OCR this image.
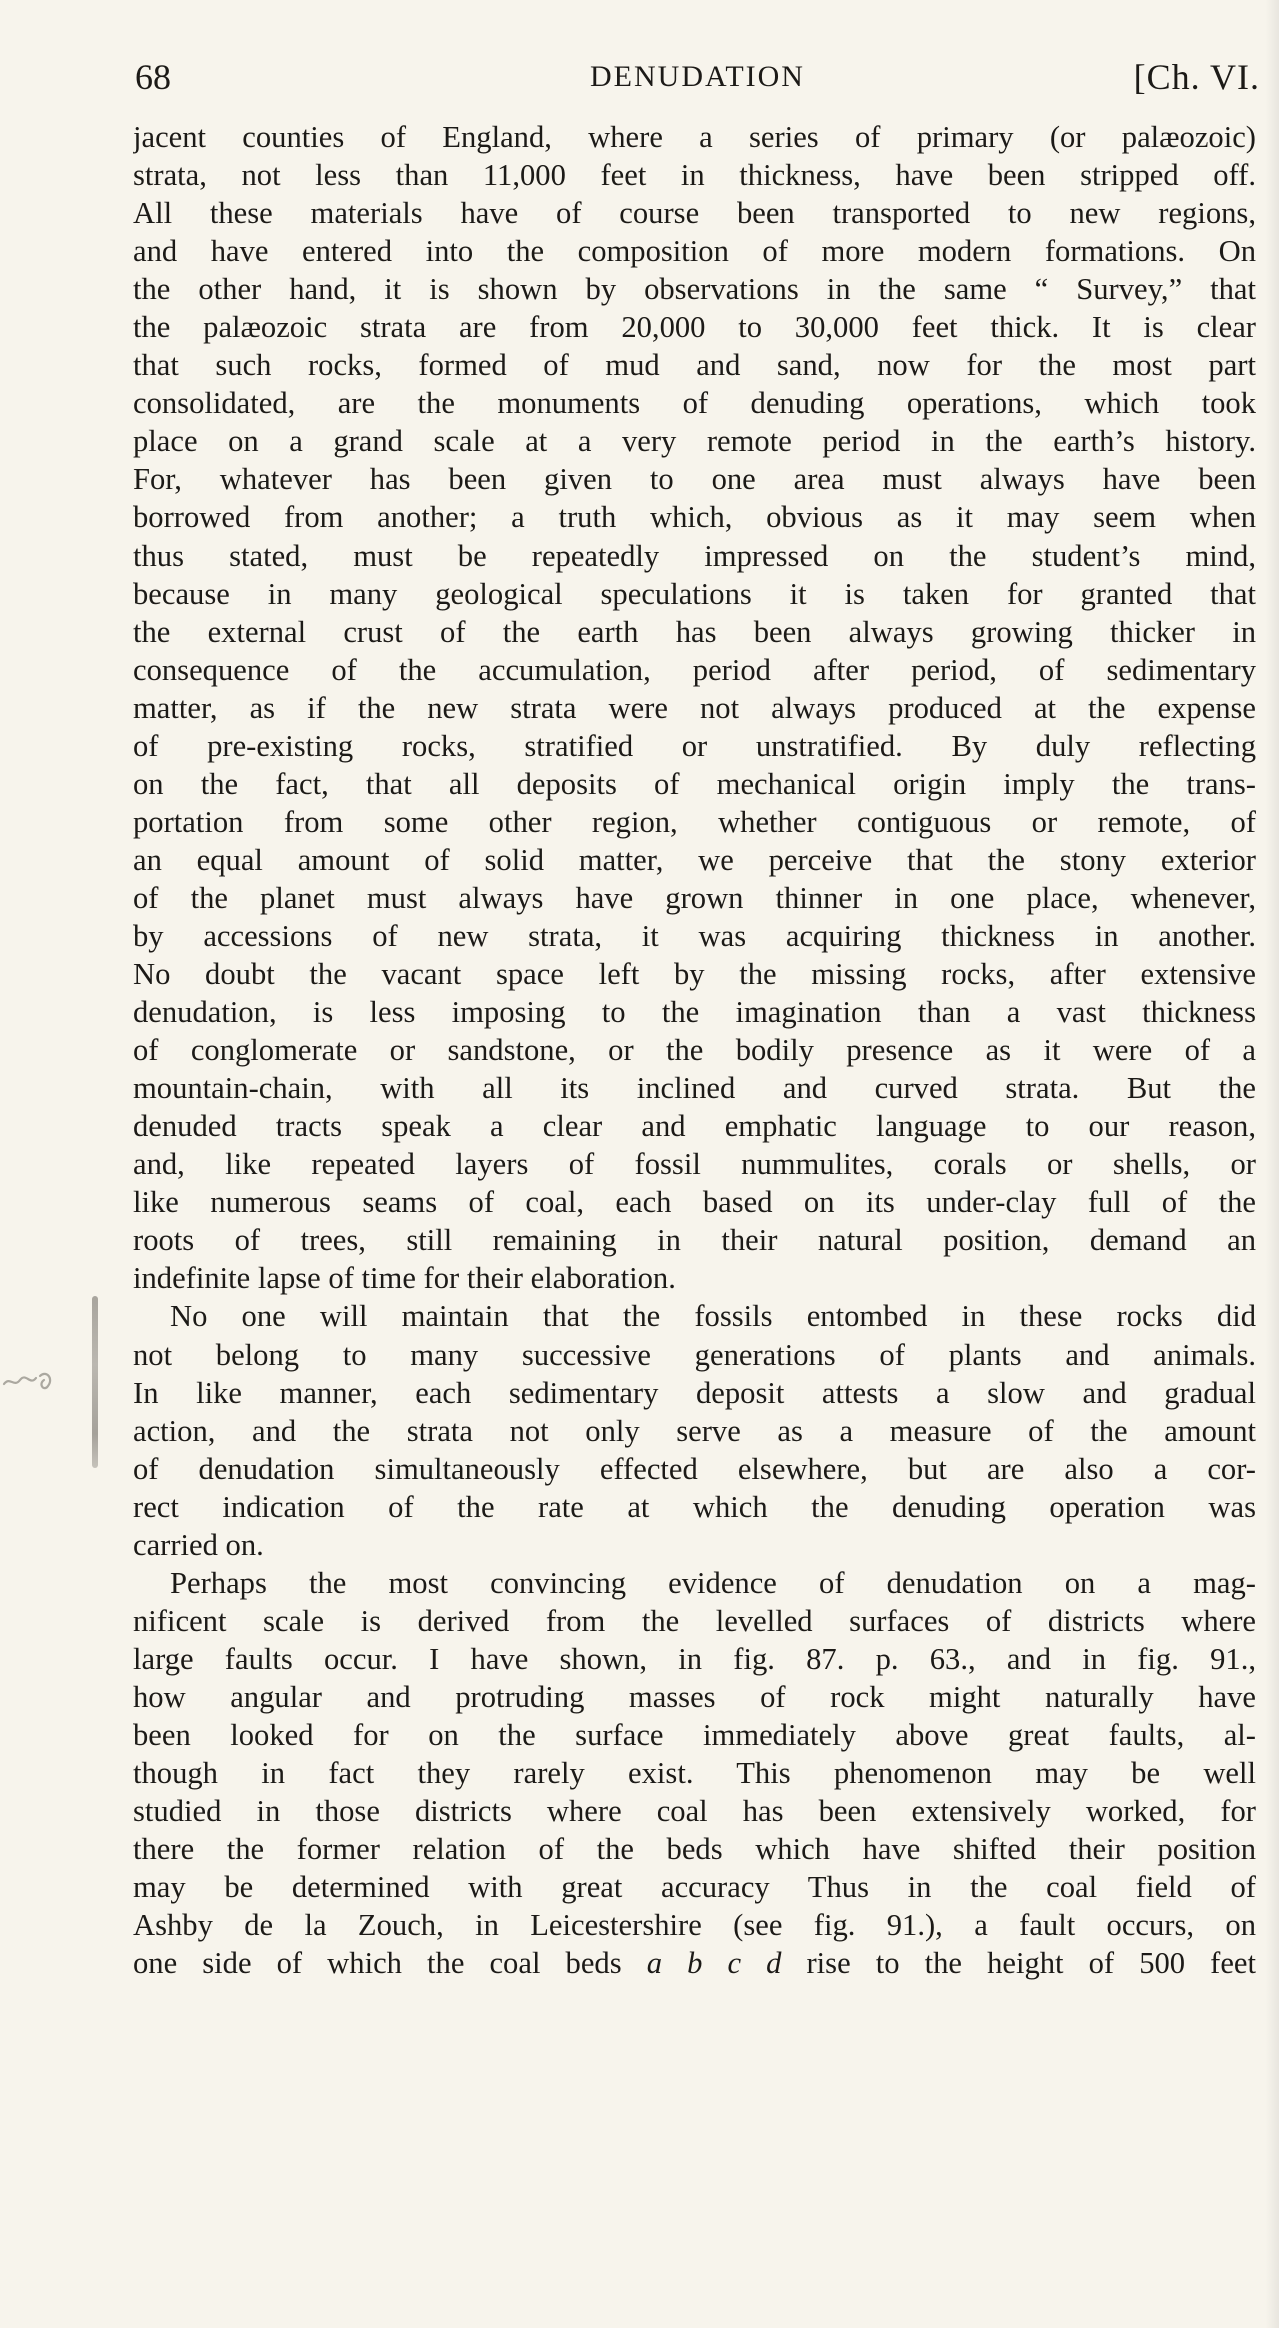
68	DENUDATION	[Ch. VI.
jacent counties of England, where a series of primary (or palæozoic)
strata, not less than 11,000 feet in thickness, have been stripped off.
All these materials have of course been transported to new regions,
and have entered into the composition of more modern formations. On
the other hand, it is shown by observations in the same “ Survey,” that
the palæozoic strata are from 20,000 to 30,000 feet thick. It is clear
that such rocks, formed of mud and sand, now for the most part
consolidated, are the monuments of denuding operations, which took
place on a grand scale at a very remote period in the earth’s history.
For, whatever has been given to one area must always have been
borrowed from another; a truth which, obvious as it may seem when
thus stated, must be repeatedly impressed on the student’s mind,
because in many geological speculations it is taken for granted that
the external crust of the earth has been always growing thicker in
consequence of the accumulation, period after period, of sedimentary
matter, as if the new strata were not always produced at the expense
of pre-existing rocks, stratified or unstratified. By duly reflecting
on the fact, that all deposits of mechanical origin imply the trans-
portation from some other region, whether contiguous or remote, of
an equal amount of solid matter, we perceive that the stony exterior
of the planet must always have grown thinner in one place, whenever,
by accessions of new strata, it was acquiring thickness in another.
No doubt the vacant space left by the missing rocks, after extensive
denudation, is less imposing to the imagination than a vast thickness
of conglomerate or sandstone, or the bodily presence as it were of a
mountain-chain, with all its inclined and curved strata. But the
denuded tracts speak a clear and emphatic language to our reason,
and, like repeated layers of fossil nummulites, corals or shells, or
like numerous seams of coal, each based on its under-clay full of the
roots of trees, still remaining in their natural position, demand an
indefinite lapse of time for their elaboration.
No one will maintain that the fossils entombed in these rocks did
not belong to many successive generations of plants and animals.
In like manner, each sedimentary deposit attests a slow and gradual
action, and the strata not only serve as a measure of the amount
of denudation simultaneously effected elsewhere, but are also a cor-
rect indication of the rate at which the denuding operation was
carried on.
Perhaps the most convincing evidence of denudation on a mag-
nificent scale is derived from the levelled surfaces of districts where
large faults occur. I have shown, in fig. 87. p. 63., and in fig. 91.,
how angular and protruding masses of rock might naturally have
been looked for on the surface immediately above great faults, al-
though in fact they rarely exist. This phenomenon may be well
studied in those districts where coal has been extensively worked, for
there the former relation of the beds which have shifted their position
may be determined with great accuracy Thus in the coal field of
Ashby de la Zouch, in Leicestershire (see fig. 91.), a fault occurs, on
one side of which the coal beds a b c d rise to the height of 500 feet
